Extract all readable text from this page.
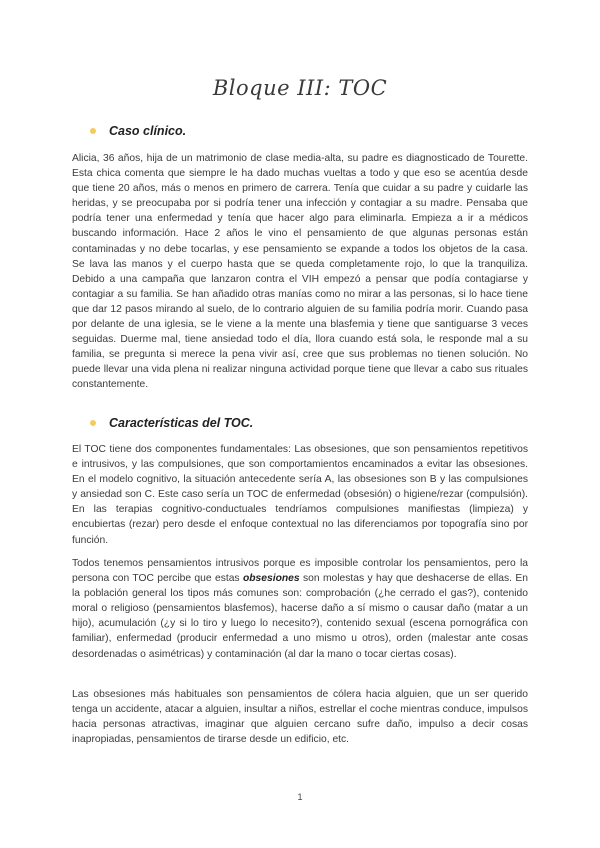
Bloque III: TOC
Caso clínico.
Alicia, 36 años, hija de un matrimonio de clase media-alta, su padre es diagnosticado de Tourette. Esta chica comenta que siempre le ha dado muchas vueltas a todo y que eso se acentúa desde que tiene 20 años, más o menos en primero de carrera. Tenía que cuidar a su padre y cuidarle las heridas, y se preocupaba por si podría tener una infección y contagiar a su madre. Pensaba que podría tener una enfermedad y tenía que hacer algo para eliminarla. Empieza a ir a médicos buscando información. Hace 2 años le vino el pensamiento de que algunas personas están contaminadas y no debe tocarlas, y ese pensamiento se expande a todos los objetos de la casa. Se lava las manos y el cuerpo hasta que se queda completamente rojo, lo que la tranquiliza. Debido a una campaña que lanzaron contra el VIH empezó a pensar que podía contagiarse y contagiar a su familia. Se han añadido otras manías como no mirar a las personas, si lo hace tiene que dar 12 pasos mirando al suelo, de lo contrario alguien de su familia podría morir. Cuando pasa por delante de una iglesia, se le viene a la mente una blasfemia y tiene que santiguarse 3 veces seguidas. Duerme mal, tiene ansiedad todo el día, llora cuando está sola, le responde mal a su familia, se pregunta si merece la pena vivir así, cree que sus problemas no tienen solución. No puede llevar una vida plena ni realizar ninguna actividad porque tiene que llevar a cabo sus rituales constantemente.
Características del TOC.
El TOC tiene dos componentes fundamentales: Las obsesiones, que son pensamientos repetitivos e intrusivos, y las compulsiones, que son comportamientos encaminados a evitar las obsesiones. En el modelo cognitivo, la situación antecedente sería A, las obsesiones son B y las compulsiones y ansiedad son C. Este caso sería un TOC de enfermedad (obsesión) o higiene/rezar (compulsión). En las terapias cognitivo-conductuales tendríamos compulsiones manifiestas (limpieza) y encubiertas (rezar) pero desde el enfoque contextual no las diferenciamos por topografía sino por función.
Todos tenemos pensamientos intrusivos porque es imposible controlar los pensamientos, pero la persona con TOC percibe que estas obsesiones son molestas y hay que deshacerse de ellas. En la población general los tipos más comunes son: comprobación (¿he cerrado el gas?), contenido moral o religioso (pensamientos blasfemos), hacerse daño a sí mismo o causar daño (matar a un hijo), acumulación (¿y si lo tiro y luego lo necesito?), contenido sexual (escena pornográfica con familiar), enfermedad (producir enfermedad a uno mismo u otros), orden (malestar ante cosas desordenadas o asimétricas) y contaminación (al dar la mano o tocar ciertas cosas).
Las obsesiones más habituales son pensamientos de cólera hacia alguien, que un ser querido tenga un accidente, atacar a alguien, insultar a niños, estrellar el coche mientras conduce, impulsos hacia personas atractivas, imaginar que alguien cercano sufre daño, impulso a decir cosas inapropiadas, pensamientos de tirarse desde un edificio, etc.
1
